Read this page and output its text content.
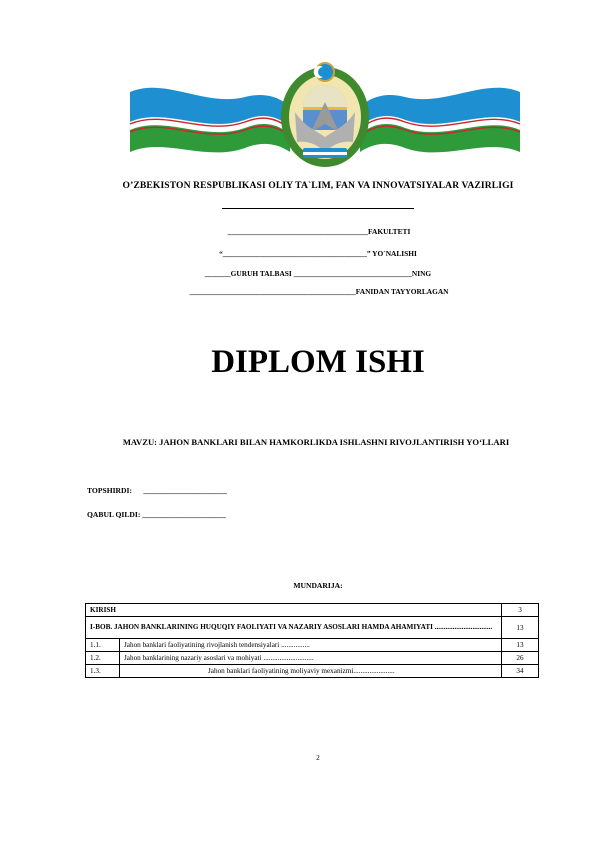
O’ZBEKISTON RESPUBLIKASI OLIY TA`LIM, FAN VA INNOVATSIYALAR VAZIRLIGI
______________________________________FAKULTETI
“_______________________________________” YO`NALISHI
_______GURUH TALBASI ________________________________NING
_____________________________________________FANIDAN TAYYORLAGAN
DIPLOM ISHI
MAVZU: JAHON BANKLARI BILAN HAMKORLIKDA ISHLASHNI RIVOJLANTIRISH YO‘LLARI
TOPSHIRDI:      ______________________
QABUL QILDI: ______________________
MUNDARIJA:
KIRISH		3
I-BOB. JAHON BANKLARINING HUQUQIY FAOLIYATI VA NAZARIY ASOSLARI HAMDA AHAMIYATI ................................		13
1.1.	Jahon banklari faoliyatining rivojlanish tendensiyalari ................	13
1.2.	Jahon banklarining nazariy asoslari va mohiyati ............................	26
1.3.	Jahon banklari faoliyatining moliyaviy mexanizmi.......................	34
2
